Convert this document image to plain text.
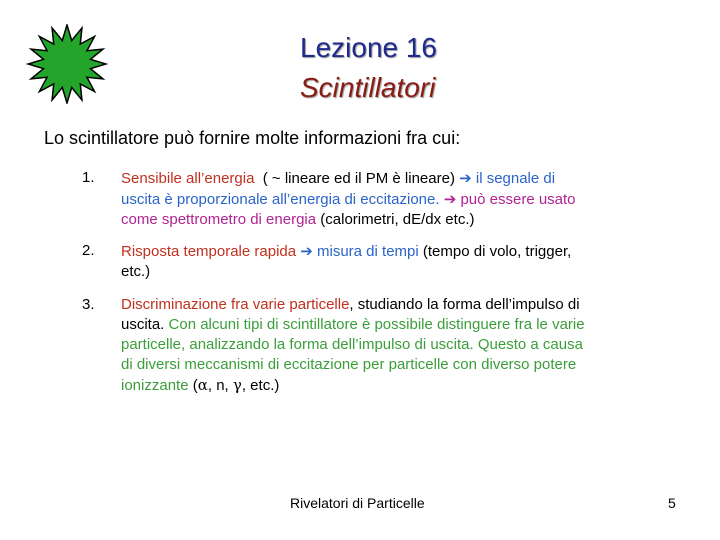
Lezione 16
Scintillatori
Lo scintillatore può fornire molte informazioni fra cui:
1. Sensibile all’energia  ( ~ lineare ed il PM è lineare) ➔ il segnale di
uscita è proporzionale all’energia di eccitazione. ➔ può essere usato
come spettrometro di energia (calorimetri, dE/dx etc.)
2. Risposta temporale rapida ➔ misura di tempi (tempo di volo, trigger,
etc.)
3. Discriminazione fra varie particelle, studiando la forma dell’impulso di
uscita. Con alcuni tipi di scintillatore è possibile distinguere fra le varie
particelle, analizzando la forma dell’impulso di uscita. Questo a causa
di diversi meccanismi di eccitazione per particelle con diverso potere
ionizzante (α, n, γ, etc.)
Rivelatori di Particelle	5
